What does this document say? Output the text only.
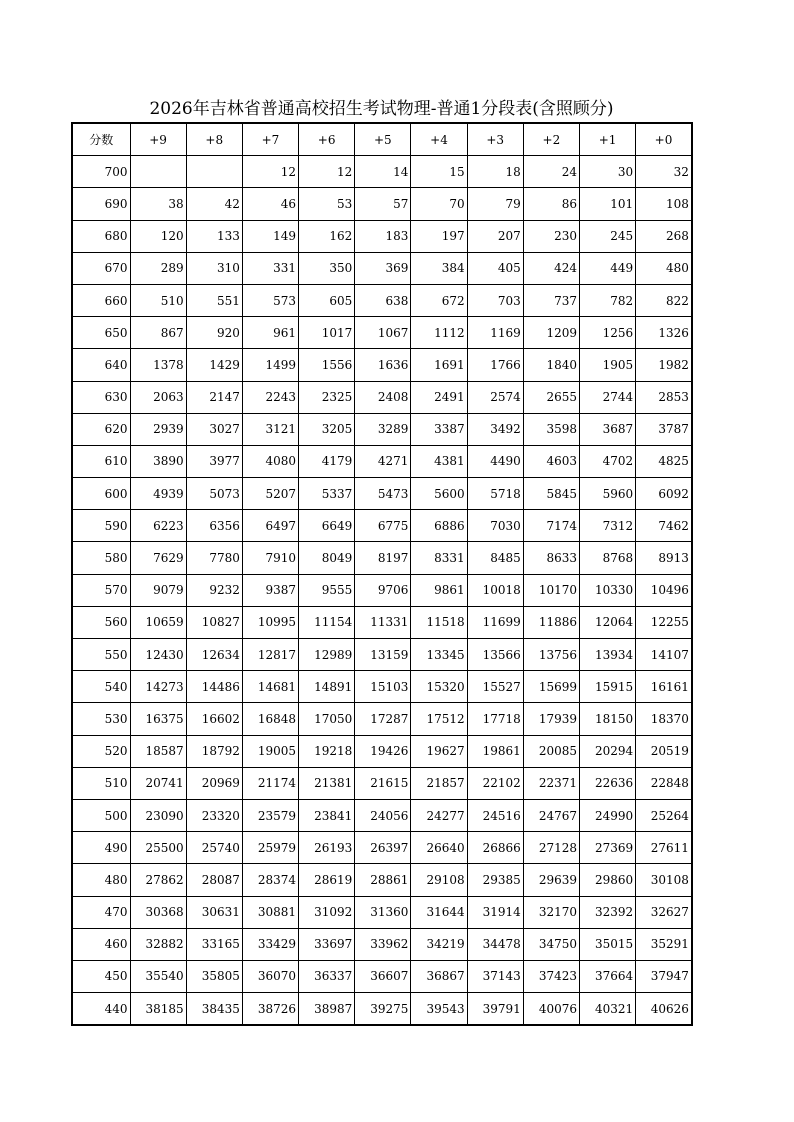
2026年吉林省普通高校招生考试物理-普通1分段表(含照顾分)
分数	+9	+8	+7	+6	+5	+4	+3	+2	+1	+0
700			12	12	14	15	18	24	30	32
690	38	42	46	53	57	70	79	86	101	108
680	120	133	149	162	183	197	207	230	245	268
670	289	310	331	350	369	384	405	424	449	480
660	510	551	573	605	638	672	703	737	782	822
650	867	920	961	1017	1067	1112	1169	1209	1256	1326
640	1378	1429	1499	1556	1636	1691	1766	1840	1905	1982
630	2063	2147	2243	2325	2408	2491	2574	2655	2744	2853
620	2939	3027	3121	3205	3289	3387	3492	3598	3687	3787
610	3890	3977	4080	4179	4271	4381	4490	4603	4702	4825
600	4939	5073	5207	5337	5473	5600	5718	5845	5960	6092
590	6223	6356	6497	6649	6775	6886	7030	7174	7312	7462
580	7629	7780	7910	8049	8197	8331	8485	8633	8768	8913
570	9079	9232	9387	9555	9706	9861	10018	10170	10330	10496
560	10659	10827	10995	11154	11331	11518	11699	11886	12064	12255
550	12430	12634	12817	12989	13159	13345	13566	13756	13934	14107
540	14273	14486	14681	14891	15103	15320	15527	15699	15915	16161
530	16375	16602	16848	17050	17287	17512	17718	17939	18150	18370
520	18587	18792	19005	19218	19426	19627	19861	20085	20294	20519
510	20741	20969	21174	21381	21615	21857	22102	22371	22636	22848
500	23090	23320	23579	23841	24056	24277	24516	24767	24990	25264
490	25500	25740	25979	26193	26397	26640	26866	27128	27369	27611
480	27862	28087	28374	28619	28861	29108	29385	29639	29860	30108
470	30368	30631	30881	31092	31360	31644	31914	32170	32392	32627
460	32882	33165	33429	33697	33962	34219	34478	34750	35015	35291
450	35540	35805	36070	36337	36607	36867	37143	37423	37664	37947
440	38185	38435	38726	38987	39275	39543	39791	40076	40321	40626
